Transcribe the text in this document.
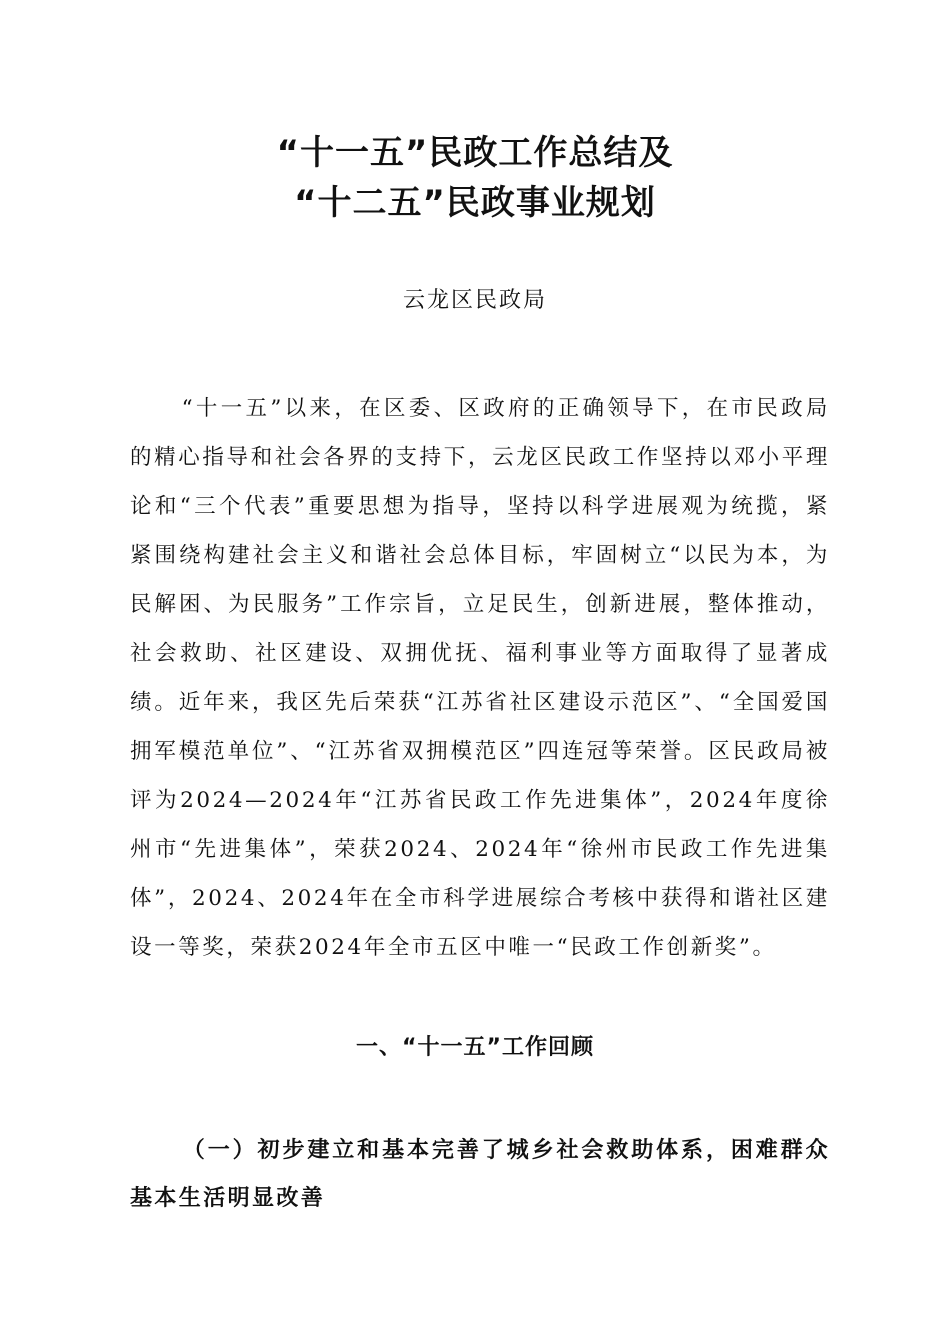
“十一五”民政工作总结及
“十二五”民政事业规划
云龙区民政局

“十一五”以来，在区委、区政府的正确领导下，在市民政局的精心指导和社会各界的支持下，云龙区民政工作坚持以邓小平理论和“三个代表”重要思想为指导，坚持以科学进展观为统揽，紧紧围绕构建社会主义和谐社会总体目标，牢固树立“以民为本，为民解困、为民服务”工作宗旨，立足民生，创新进展，整体推动，社会救助、社区建设、双拥优抚、福利事业等方面取得了显著成绩。近年来，我区先后荣获“江苏省社区建设示范区”、“全国爱国拥军模范单位”、“江苏省双拥模范区”四连冠等荣誉。区民政局被评为2024—2024年“江苏省民政工作先进集体”，2024年度徐州市“先进集体”，荣获2024、2024年“徐州市民政工作先进集体”，2024、2024年在全市科学进展综合考核中获得和谐社区建设一等奖，荣获2024年全市五区中唯一“民政工作创新奖”。

一、“十一五”工作回顾

（一）初步建立和基本完善了城乡社会救助体系，困难群众基本生活明显改善
